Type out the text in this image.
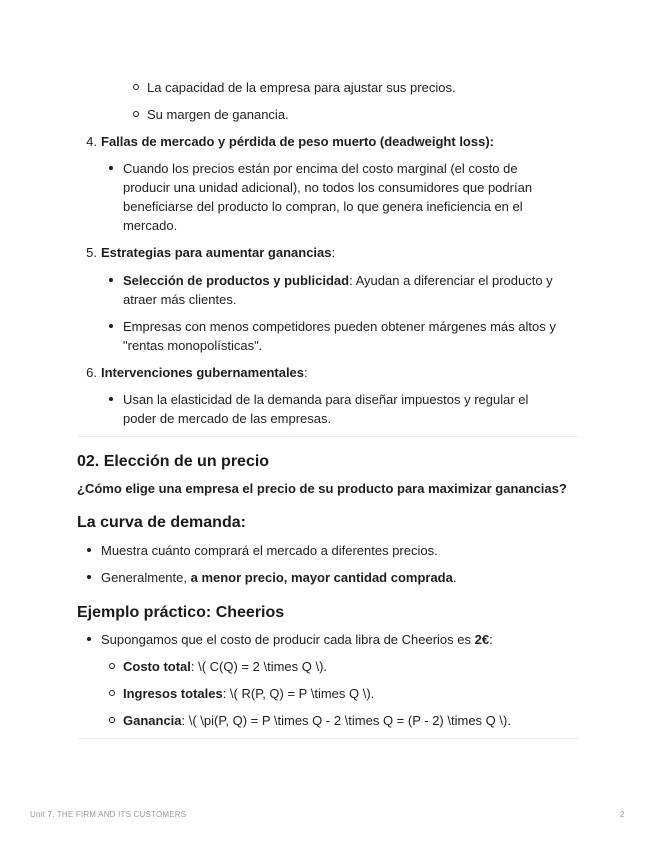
La capacidad de la empresa para ajustar sus precios.

Su margen de ganancia.

4. Fallas de mercado y pérdida de peso muerto (deadweight loss):

Cuando los precios están por encima del costo marginal (el costo de

producir una unidad adicional), no todos los consumidores que podrían

beneficiarse del producto lo compran, lo que genera ineficiencia en el

mercado.

5. Estrategias para aumentar ganancias:

Selección de productos y publicidad: Ayudan a diferenciar el producto y

atraer más clientes.

Empresas con menos competidores pueden obtener márgenes más altos y

"rentas monopolísticas".

6. Intervenciones gubernamentales:

Usan la elasticidad de la demanda para diseñar impuestos y regular el

poder de mercado de las empresas.

02. Elección de un precio

¿Cómo elige una empresa el precio de su producto para maximizar ganancias?

La curva de demanda:

Muestra cuánto comprará el mercado a diferentes precios.

Generalmente, a menor precio, mayor cantidad comprada.

Ejemplo práctico: Cheerios

Supongamos que el costo de producir cada libra de Cheerios es 2€:

Costo total: \( C(Q) = 2 \times Q \).

Ingresos totales: \( R(P, Q) = P \times Q \).

Ganancia: \( \pi(P, Q) = P \times Q - 2 \times Q = (P - 2) \times Q \).

Unit 7. THE FIRM AND ITS CUSTOMERS	2
